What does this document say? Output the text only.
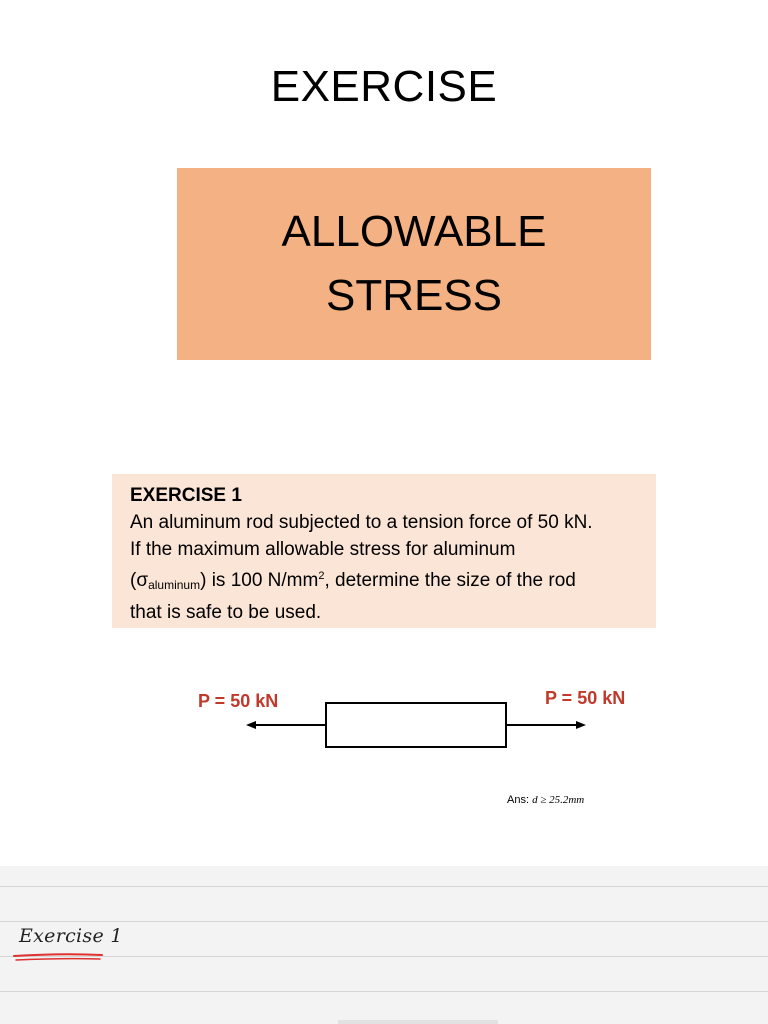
EXERCISE
ALLOWABLE
STRESS
EXERCISE 1
An aluminum rod subjected to a tension force of 50 kN.
If the maximum allowable stress for aluminum
$(\sigma_{aluminum})$ is 100 $N/mm^2$, determine the size of the rod
that is safe to be used.
P = 50 kN	P = 50 kN
Ans: d ≥ 25.2mm
Exercise 1
